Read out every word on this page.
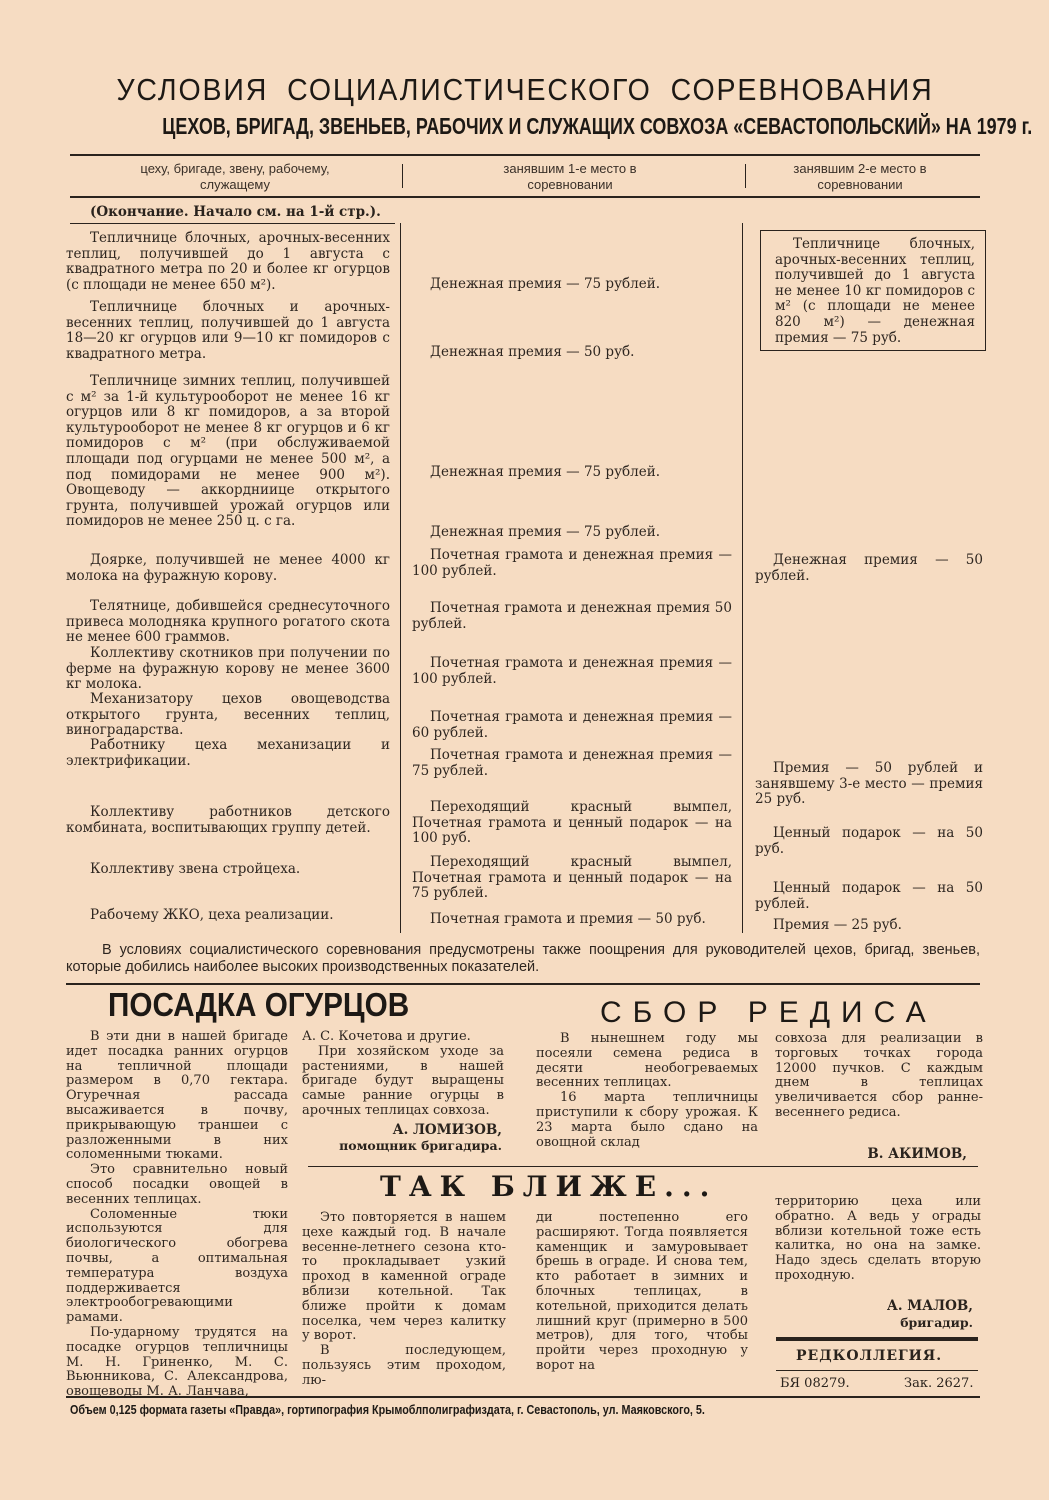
УСЛОВИЯ СОЦИАЛИСТИЧЕСКОГО СОРЕВНОВАНИЯ
ЦЕХОВ, БРИГАД, ЗВЕНЬЕВ, РАБОЧИХ И СЛУЖАЩИХ СОВХОЗА «СЕВАСТОПОЛЬСКИЙ» НА 1979 г.
цеху, бригаде, звену, рабочему, служащему
занявшим 1-е место в соревновании
занявшим 2-е место в соревновании
(Окончание. Начало см. на 1-й стр.).

Тепличнице блочных, арочных-весенних теплиц, получившей до 1 августа с квадратного метра по 20 и более кг огурцов (с площади не менее 650 м²).

Тепличнице блочных и арочных-весенних теплиц, получившей до 1 августа 18—20 кг огурцов или 9—10 кг помидоров с квадратного метра.

Тепличнице зимних теплиц, получившей с м² за 1-й культурооборот не менее 16 кг огурцов или 8 кг помидоров, а за второй культурооборот не менее 8 кг огурцов и 6 кг помидоров с м² (при обслуживаемой площади под огурцами не менее 500 м², а под помидорами не менее 900 м²). Овощеводу — аккордниице открытого грунта, получившей урожай огурцов или помидоров не менее 250 ц. с га.

Доярке, получившей не менее 4000 кг молока на фуражную корову.

Телятнице, добившейся среднесуточного привеса молодняка крупного рогатого скота не менее 600 граммов.

Коллективу скотников при получении по ферме на фуражную корову не менее 3600 кг молока.

Механизатору цехов овощеводства открытого грунта, весенних теплиц, виноградарства.

Работнику цеха механизации и электрификации.

Коллективу работников детского комбината, воспитывающих группу детей.

Коллективу звена стройцеха.

Рабочему ЖКО, цеха реализации.

Денежная премия — 75 рублей.
Денежная премия — 50 руб.
Денежная премия — 75 рублей.
Денежная премия — 75 рублей.
Почетная грамота и денежная премия — 100 рублей.
Почетная грамота и денежная премия 50 рублей.
Почетная грамота и денежная премия — 100 рублей.
Почетная грамота и денежная премия — 60 рублей.
Почетная грамота и денежная премия — 75 рублей.
Переходящий красный вымпел, Почетная грамота и ценный подарок — на 100 руб.
Переходящий красный вымпел, Почетная грамота и ценный подарок — на 75 рублей.
Почетная грамота и премия — 50 руб.
Тепличнице блочных, арочных-весенних теплиц, получившей до 1 августа не менее 10 кг помидоров с м² (с площади не менее 820 м²) — денежная премия — 75 руб.
Денежная премия — 50 рублей.
Премия — 50 рублей и занявшему 3-е место — премия 25 руб.
Ценный подарок — на 50 руб.
Ценный подарок — на 50 рублей.
Премия — 25 руб.

В условиях социалистического соревнования предусмотрены также поощрения для руководителей цехов, бригад, звеньев, которые добились наиболее высоких производственных показателей.

ПОСАДКА ОГУРЦОВ

В эти дни в нашей бригаде идет посадка ранних огурцов на тепличной площади размером в 0,70 гектара. Огуречная рассада высаживается в почву, прикрывающую траншеи с разложенными в них соломенными тюками.

Это сравнительно новый способ посадки овощей в весенних теплицах.

Соломенные тюки используются для биологического обогрева почвы, а оптимальная температура воздуха поддерживается электрообогревающими рамами.

По-ударному трудятся на посадке огурцов тепличницы М. Н. Гриненко, М. С. Вьюнникова, С. Александрова, овощеводы М. А. Ланчава,

А. С. Кочетова и другие.

При хозяйском уходе за растениями, в нашей бригаде будут выращены самые ранние огурцы в арочных теплицах совхоза.

А. ЛОМИЗОВ,
помощник бригадира.
СБОР РЕДИСА

В нынешнем году мы посеяли семена редиса в десяти необогреваемых весенних теплицах.

16 марта тепличницы приступили к сбору урожая. К 23 марта было сдано на овощной склад

совхоза для реализации в торговых точках города 12000 пучков. С каждым днем в теплицах увеличивается сбор ранне-весеннего редиса.

В. АКИМОВ,
ТАК БЛИЖЕ...

Это повторяется в нашем цехе каждый год. В начале весенне-летнего сезона кто-то прокладывает узкий проход в каменной ограде вблизи котельной. Так ближе пройти к домам поселка, чем через калитку у ворот.

В последующем, пользуясь этим проходом, лю-

ди постепенно его расширяют. Тогда появляется каменщик и замуровывает брешь в ограде. И снова тем, кто работает в зимних и блочных теплицах, в котельной, приходится делать лишний круг (примерно в 500 метров), для того, чтобы пройти через проходную у ворот на

территорию цеха или обратно. А ведь у ограды вблизи котельной тоже есть калитка, но она на замке. Надо здесь сделать вторую проходную.

А. МАЛОВ,
бригадир.
РЕДКОЛЛЕГИЯ.
БЯ 08279.	Зак. 2627.
Объем 0,125 формата газеты «Правда», гортипография Крымоблполиграфиздата, г. Севастополь, ул. Маяковского, 5.
